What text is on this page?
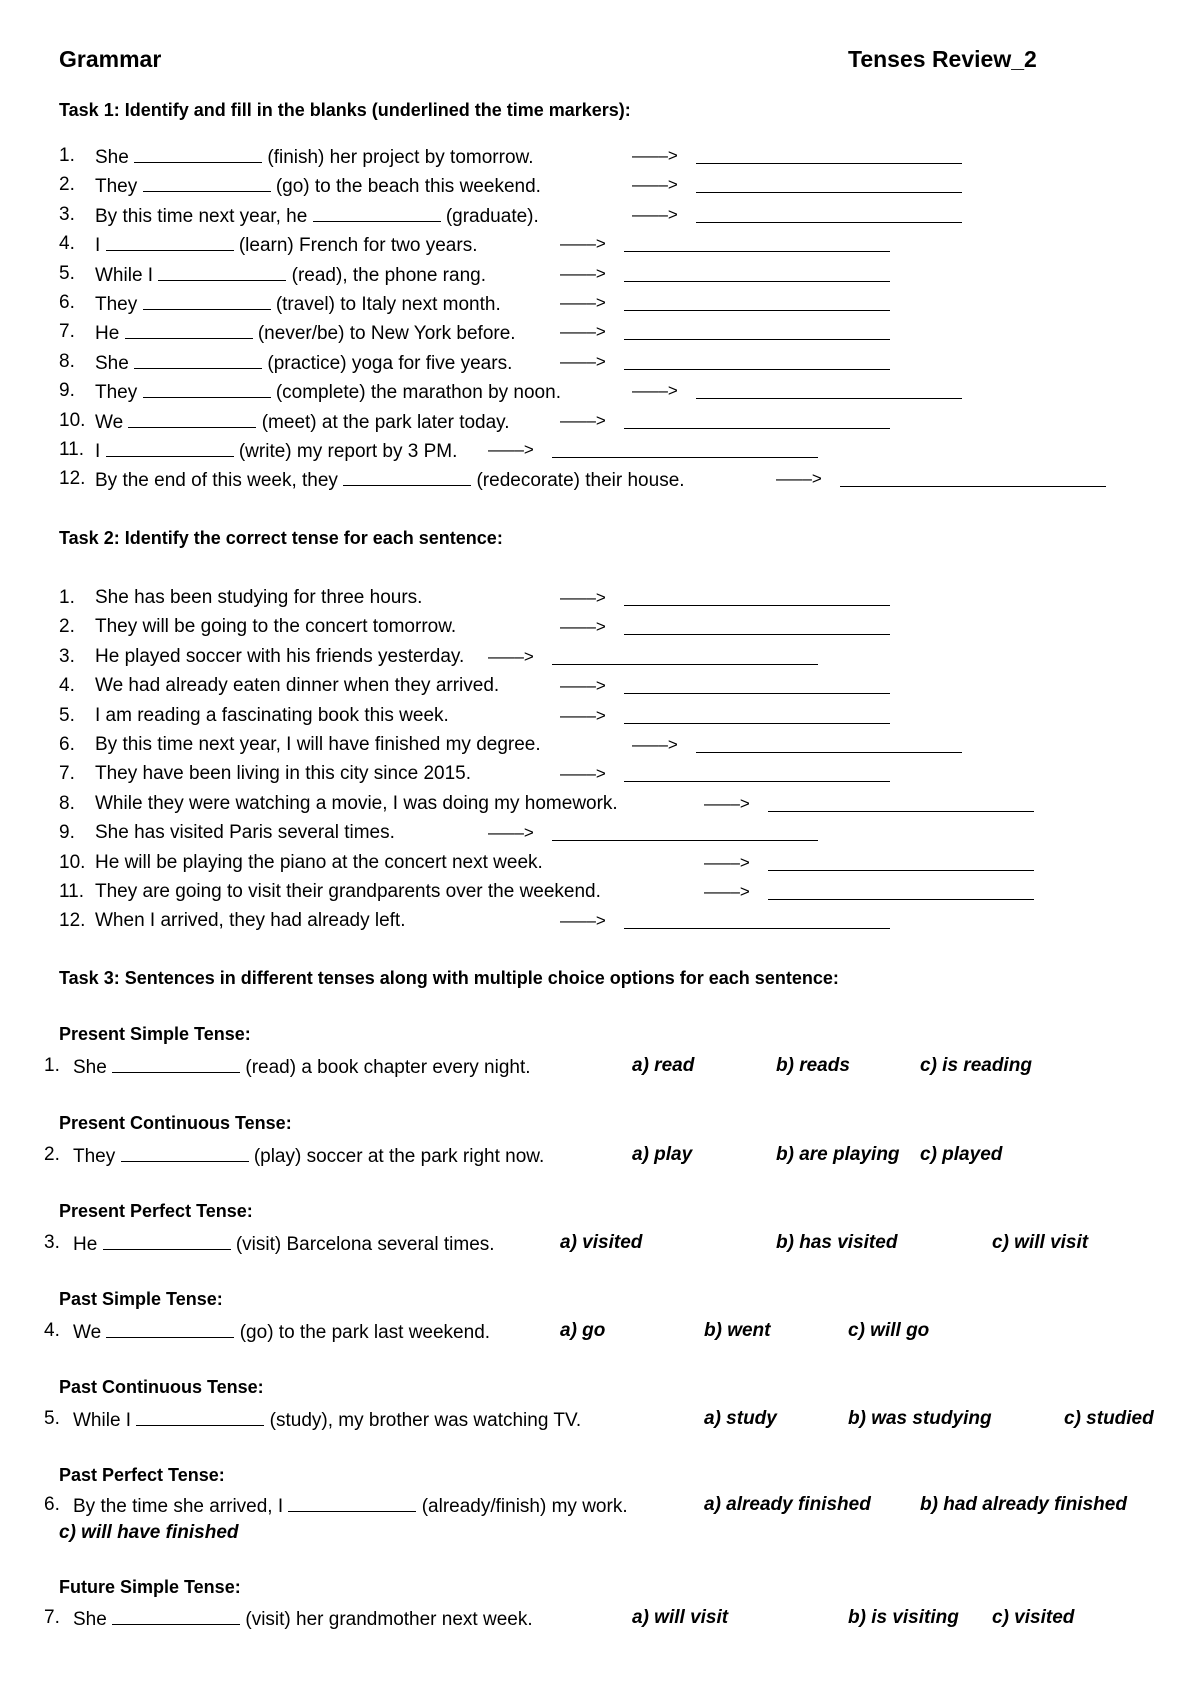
Grammar	Tenses Review_2
Task 1: Identify and fill in the blanks (underlined the time markers):
1. She	(finish) her project by tomorrow.	—––>
2. They	(go) to the beach this weekend.	—––>
3. By this time next year, he	(graduate).	—––>
4. I	(learn) French for two years.	—––>
5. While I	(read), the phone rang.	—––>
6. They	(travel) to Italy next month.	—––>
7. He	(never/be) to New York before.	—––>
8. She	(practice) yoga for five years.	—––>
9. They	(complete) the marathon by noon.	—––>
10. We	(meet) at the park later today.	—––>
11. I	(write) my report by 3 PM. —––>
12. By the end of this week, they	(redecorate) their house.	—––>
Task 2: Identify the correct tense for each sentence:
1. She has been studying for three hours.	—––>
2. They will be going to the concert tomorrow.	—––>
3. He played soccer with his friends yesterday. —––>
4. We had already eaten dinner when they arrived.	—––>
5. I am reading a fascinating book this week.	—––>
6. By this time next year, I will have finished my degree.	—––>
7. They have been living in this city since 2015.	—––>
8. While they were watching a movie, I was doing my homework.	—––>
9. She has visited Paris several times.	—––>
10. He will be playing the piano at the concert next week.	—––>
11. They are going to visit their grandparents over the weekend.	—––>
12. When I arrived, they had already left.	—––>
Task 3: Sentences in different tenses along with multiple choice options for each sentence:
Present Simple Tense:
1. She	(read) a book chapter every night.	a) read	b) reads	c) is reading
Present Continuous Tense:
2. They	(play) soccer at the park right now.	a) play	b) are playing c) played
Present Perfect Tense:
3. He	(visit) Barcelona several times.	a) visited	b) has visited	c) will visit
Past Simple Tense:
4. We	(go) to the park last weekend.	a) go	b) went	c) will go
Past Continuous Tense:
5. While I	(study), my brother was watching TV.	a) study	b) was studying	c) studied
Past Perfect Tense:
6. By the time she arrived, I	(already/finish) my work.	a) already finished	b) had already finished
c) will have finished
Future Simple Tense:
7. She	(visit) her grandmother next week.	a) will visit	b) is visiting c) visited
